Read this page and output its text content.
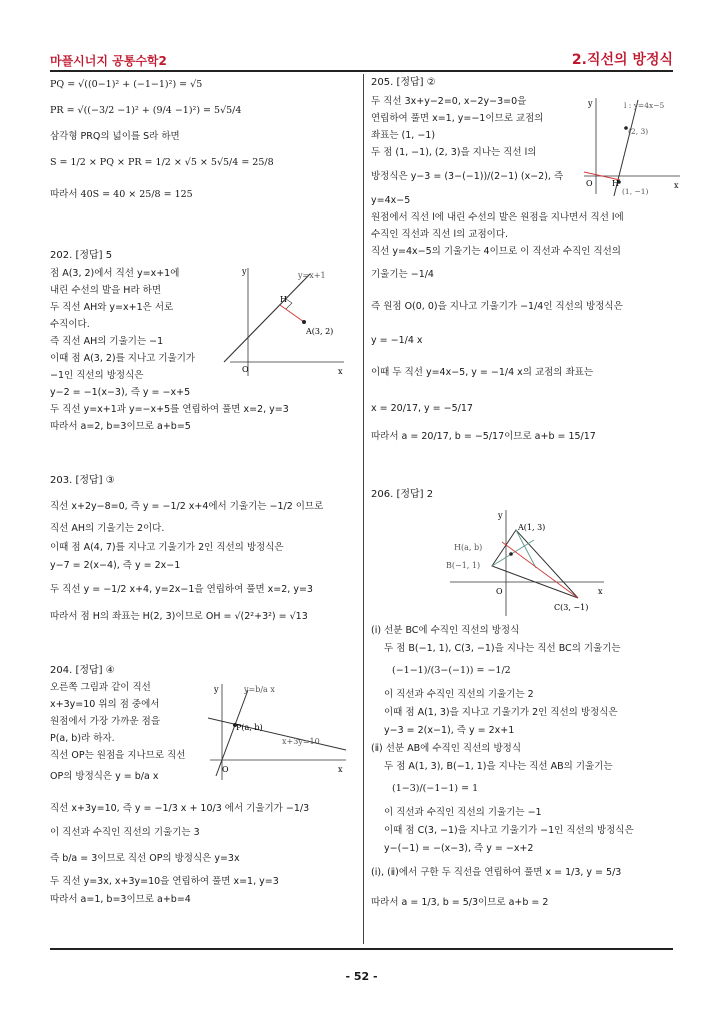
마플시너지 공통수학2	2.직선의 방정식
PQ = √((0−1)² + (−1−1)²) = √5
PR = √((−3/2 −1)² + (9/4 −1)²) = 5√5/4
삼각형 PRQ의 넓이를 S라 하면
S = 1/2 × PQ × PR = 1/2 × √5 × 5√5/4 = 25/8
따라서 40S = 40 × 25/8 = 125
202. [정답] 5
점 A(3, 2)에서 직선 y=x+1에
내린 수선의 발을 H라 하면
두 직선 AH와 y=x+1은 서로
수직이다.
즉 직선 AH의 기울기는 −1
이때 점 A(3, 2)를 지나고 기울기가
−1인 직선의 방정식은
y−2 = −1(x−3), 즉 y = −x+5
두 직선 y=x+1과 y=−x+5를 연립하여 풀면 x=2, y=3
따라서 a=2, b=3이므로 a+b=5
y
x
O
y=x+1
H
A(3, 2)
203. [정답] ③
직선 x+2y−8=0, 즉 y = −1/2 x+4에서 기울기는 −1/2 이므로
직선 AH의 기울기는 2이다.
이때 점 A(4, 7)를 지나고 기울기가 2인 직선의 방정식은
y−7 = 2(x−4), 즉 y = 2x−1
두 직선 y = −1/2 x+4, y=2x−1을 연립하여 풀면 x=2, y=3
따라서 점 H의 좌표는 H(2, 3)이므로 OH = √(2²+3²) = √13
204. [정답] ④
오른쪽 그림과 같이 직선
x+3y=10 위의 점 중에서
원점에서 가장 가까운 점을
P(a, b)라 하자.
직선 OP는 원점을 지나므로 직선
OP의 방정식은 y = b/a x
직선 x+3y=10, 즉 y = −1/3 x + 10/3 에서 기울기가 −1/3
이 직선과 수직인 직선의 기울기는 3
즉 b/a = 3이므로 직선 OP의 방정식은 y=3x
두 직선 y=3x, x+3y=10을 연립하여 풀면 x=1, y=3
따라서 a=1, b=3이므로 a+b=4
y
x
O
y=b/a x
P(a, b)
x+3y=10
205. [정답] ②
두 직선 3x+y−2=0, x−2y−3=0을
연립하여 풀면 x=1, y=−1이므로 교점의
좌표는 (1, −1)
두 점 (1, −1), (2, 3)을 지나는 직선 l의
방정식은 y−3 = (3−(−1))/(2−1) (x−2), 즉
y=4x−5
원점에서 직선 l에 내린 수선의 발은 원점을 지나면서 직선 l에
수직인 직선과 직선 l의 교점이다.
직선 y=4x−5의 기울기는 4이므로 이 직선과 수직인 직선의
기울기는 −1/4
즉 원점 O(0, 0)을 지나고 기울기가 −1/4인 직선의 방정식은
y = −1/4 x
이때 두 직선 y=4x−5, y = −1/4 x의 교점의 좌표는
x = 20/17, y = −5/17
따라서 a = 20/17, b = −5/17이므로 a+b = 15/17
y
x
O
l : y=4x−5
(2, 3)
(1, −1)
H
206. [정답] 2
y
x
O
A(1, 3)
B(−1, 1)
C(3, −1)
H(a, b)
(ⅰ) 선분 BC에 수직인 직선의 방정식
두 점 B(−1, 1), C(3, −1)을 지나는 직선 BC의 기울기는
(−1−1)/(3−(−1)) = −1/2
이 직선과 수직인 직선의 기울기는 2
이때 점 A(1, 3)을 지나고 기울기가 2인 직선의 방정식은
y−3 = 2(x−1), 즉 y = 2x+1
(ⅱ) 선분 AB에 수직인 직선의 방정식
두 점 A(1, 3), B(−1, 1)을 지나는 직선 AB의 기울기는
(1−3)/(−1−1) = 1
이 직선과 수직인 직선의 기울기는 −1
이때 점 C(3, −1)을 지나고 기울기가 −1인 직선의 방정식은
y−(−1) = −(x−3), 즉 y = −x+2
(ⅰ), (ⅱ)에서 구한 두 직선을 연립하여 풀면 x = 1/3, y = 5/3
따라서 a = 1/3, b = 5/3이므로 a+b = 2
- 52 -
